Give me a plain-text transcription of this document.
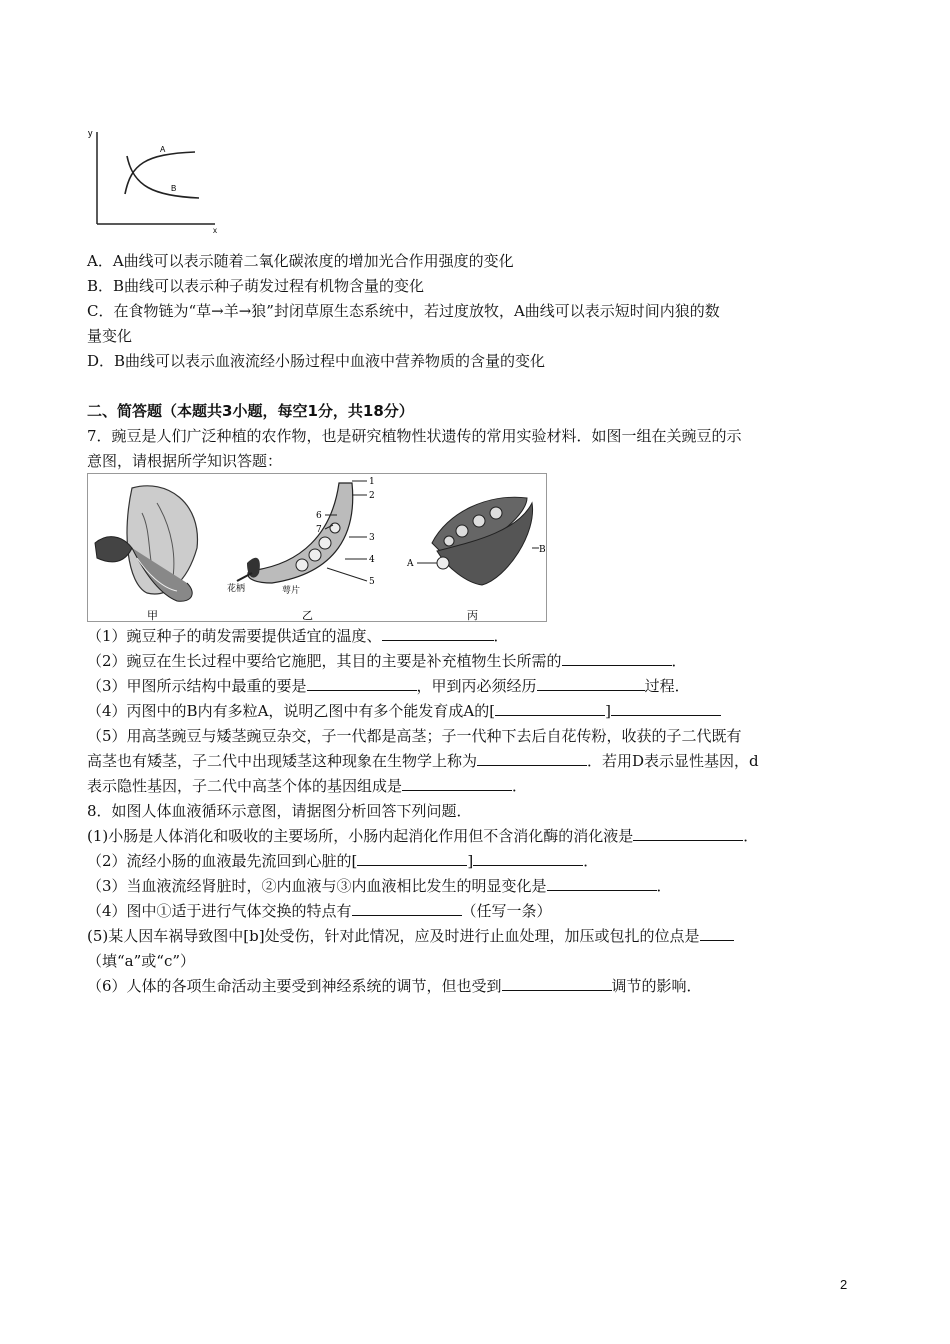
y
x
A
B
A．A曲线可以表示随着二氧化碳浓度的增加光合作用强度的变化
B．B曲线可以表示种子萌发过程有机物含量的变化
C．在食物链为“草→羊→狼”封闭草原生态系统中，若过度放牧，A曲线可以表示短时间内狼的数
量变化
D．B曲线可以表示血液流经小肠过程中血液中营养物质的含量的变化
二、简答题（本题共3小题，每空1分，共18分）
7．豌豆是人们广泛种植的农作物，也是研究植物性状遗传的常用实验材料．如图一组在关豌豆的示
意图，请根据所学知识答题：
甲
1
2
3
4
5
6
7
花柄	萼片
乙
A
B
丙
（1）豌豆种子的萌发需要提供适宜的温度、	．
（2）豌豆在生长过程中要给它施肥，其目的主要是补充植物生长所需的	．
（3）甲图所示结构中最重的要是	，甲到丙必须经历	过程．
（4）丙图中的B内有多粒A，说明乙图中有多个能发育成A的[	]
（5）用高茎豌豆与矮茎豌豆杂交，子一代都是高茎；子一代种下去后自花传粉，收获的子二代既有
高茎也有矮茎，子二代中出现矮茎这种现象在生物学上称为	．若用D表示显性基因，d
表示隐性基因，子二代中高茎个体的基因组成是	．
8．如图人体血液循环示意图，请据图分析回答下列问题．
(1)小肠是人体消化和吸收的主要场所，小肠内起消化作用但不含消化酶的消化液是	．
（2）流经小肠的血液最先流回到心脏的[	]	．
（3）当血液流经肾脏时，②内血液与③内血液相比发生的明显变化是	．
（4）图中①适于进行气体交换的特点有	（任写一条）
(5)某人因车祸导致图中[b]处受伤，针对此情况，应及时进行止血处理，加压或包扎的位点是
（填“a”或“c”）
（6）人体的各项生命活动主要受到神经系统的调节，但也受到	调节的影响．
2
